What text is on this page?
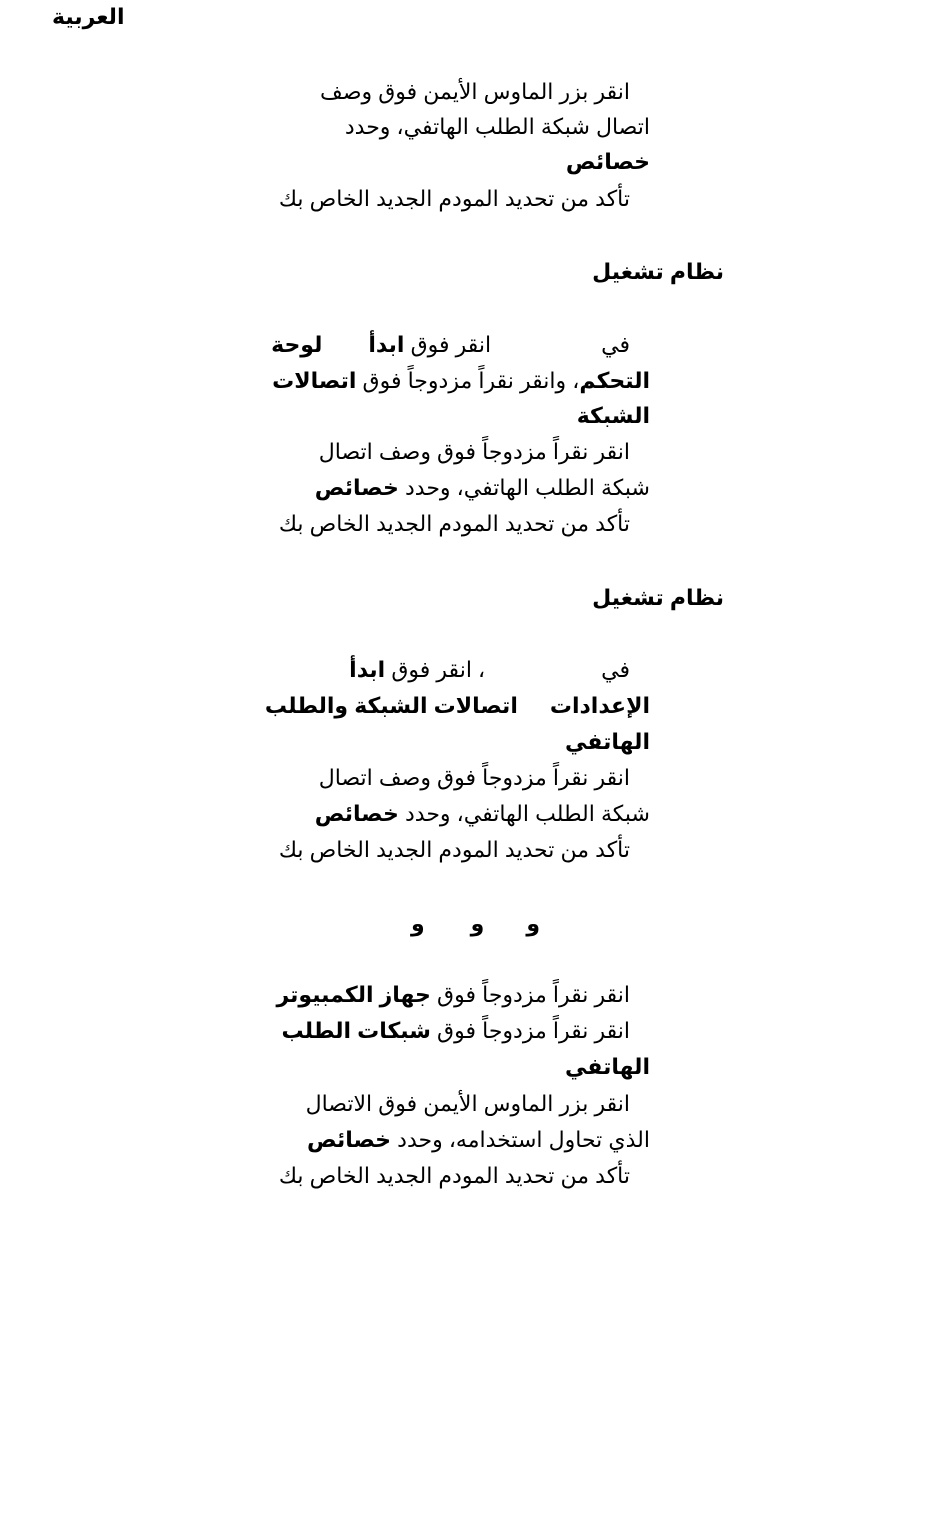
العربية
انقر بزر الماوس الأيمن فوق وصف
اتصال شبكة الطلب الهاتفي، وحدد
خصائص
تأكد من تحديد المودم الجديد الخاص بك
نظام تشغيل
فيانقر فوق ابدألوحة
التحكم، وانقر نقراً مزدوجاً فوق اتصالات
الشبكة
انقر نقراً مزدوجاً فوق وصف اتصال
شبكة الطلب الهاتفي، وحدد خصائص
تأكد من تحديد المودم الجديد الخاص بك
نظام تشغيل
في، انقر فوق ابدأ
الإعداداتاتصالات الشبكة والطلب
الهاتفي
انقر نقراً مزدوجاً فوق وصف اتصال
شبكة الطلب الهاتفي، وحدد خصائص
تأكد من تحديد المودم الجديد الخاص بك
ووو
انقر نقراً مزدوجاً فوق جهاز الكمبيوتر
انقر نقراً مزدوجاً فوق شبكات الطلب
الهاتفي
انقر بزر الماوس الأيمن فوق الاتصال
الذي تحاول استخدامه، وحدد خصائص
تأكد من تحديد المودم الجديد الخاص بك
